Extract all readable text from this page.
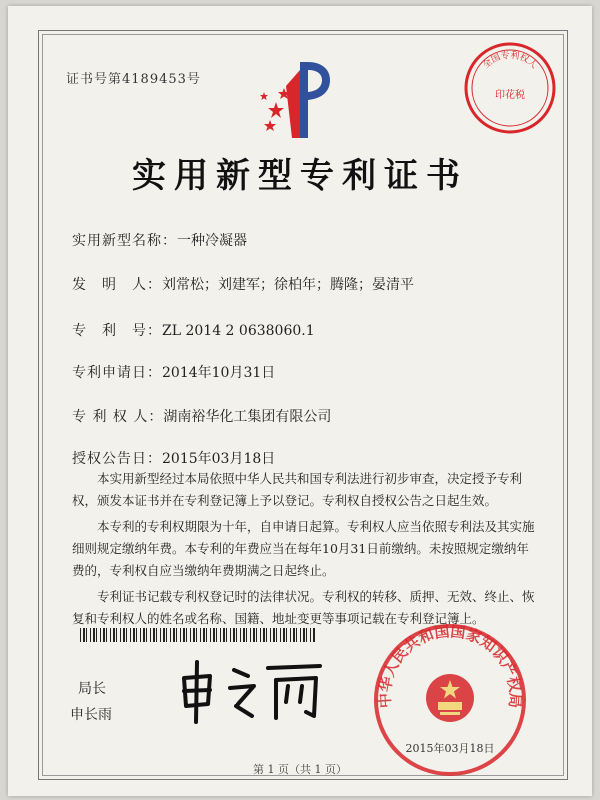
证书号第4189453号
全国专利权人
印花税
实用新型专利证书
实用新型名称：一种冷凝器
发　明　人：刘常松；刘建军；徐柏年；腾隆；晏清平
专　利　号：ZL 2014 2 0638060.1
专利申请日：2014年10月31日
专 利 权 人：湖南裕华化工集团有限公司
授权公告日：2015年03月18日

本实用新型经过本局依照中华人民共和国专利法进行初步审查，决定授予专利权，颁发本证书并在专利登记簿上予以登记。专利权自授权公告之日起生效。

本专利的专利权期限为十年，自申请日起算。专利权人应当依照专利法及其实施细则规定缴纳年费。本专利的年费应当在每年10月31日前缴纳。未按照规定缴纳年费的，专利权自应当缴纳年费期满之日起终止。

专利证书记载专利权登记时的法律状况。专利权的转移、质押、无效、终止、恢复和专利权人的姓名或名称、国籍、地址变更等事项记载在专利登记簿上。

局长
申长雨
中华人民共和国国家知识产权局
2015年03月18日
第 1 页（共 1 页）
